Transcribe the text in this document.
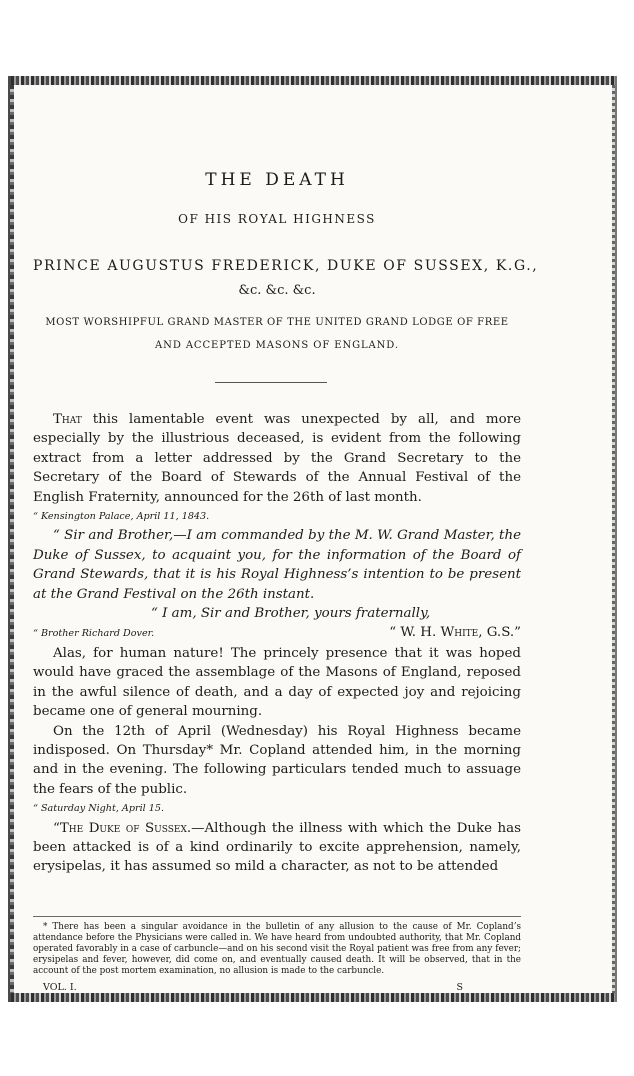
THE DEATH

OF HIS ROYAL HIGHNESS

PRINCE AUGUSTUS FREDERICK, DUKE OF SUSSEX, K.G.,

&c. &c. &c.

MOST WORSHIPFUL GRAND MASTER OF THE UNITED GRAND LODGE OF FREE

AND ACCEPTED MASONS OF ENGLAND.

That this lamentable event was unexpected by all, and more especially by the illustrious deceased, is evident from the following extract from a letter addressed by the Grand Secretary to the Secretary of the Board of Stewards of the Annual Festival of the English Fraternity, announced for the 26th of last month.

“ Kensington Palace, April 11, 1843.

“ Sir and Brother,—I am commanded by the M. W. Grand Master, the Duke of Sussex, to acquaint you, for the information of the Board of Grand Stewards, that it is his Royal Highness’s intention to be present at the Grand Festival on the 26th instant.

“ I am, Sir and Brother, yours fraternally,

“ Brother Richard Dover.	“ W. H. White, G.S.”

Alas, for human nature! The princely presence that it was hoped would have graced the assemblage of the Masons of England, reposed in the awful silence of death, and a day of expected joy and rejoicing became one of general mourning.

On the 12th of April (Wednesday) his Royal Highness became indisposed. On Thursday* Mr. Copland attended him, in the morning and in the evening. The following particulars tended much to assuage the fears of the public.

“ Saturday Night, April 15.

“The Duke of Sussex.—Although the illness with which the Duke has been attacked is of a kind ordinarily to excite apprehension, namely, erysipelas, it has assumed so mild a character, as not to be attended

* There has been a singular avoidance in the bulletin of any allusion to the cause of Mr. Copland’s attendance before the Physicians were called in. We have heard from undoubted authority, that Mr. Copland operated favorably in a case of carbuncle—and on his second visit the Royal patient was free from any fever; erysipelas and fever, however, did come on, and eventually caused death. It will be observed, that in the account of the post mortem examination, no allusion is made to the carbuncle.

VOL. I.	S
